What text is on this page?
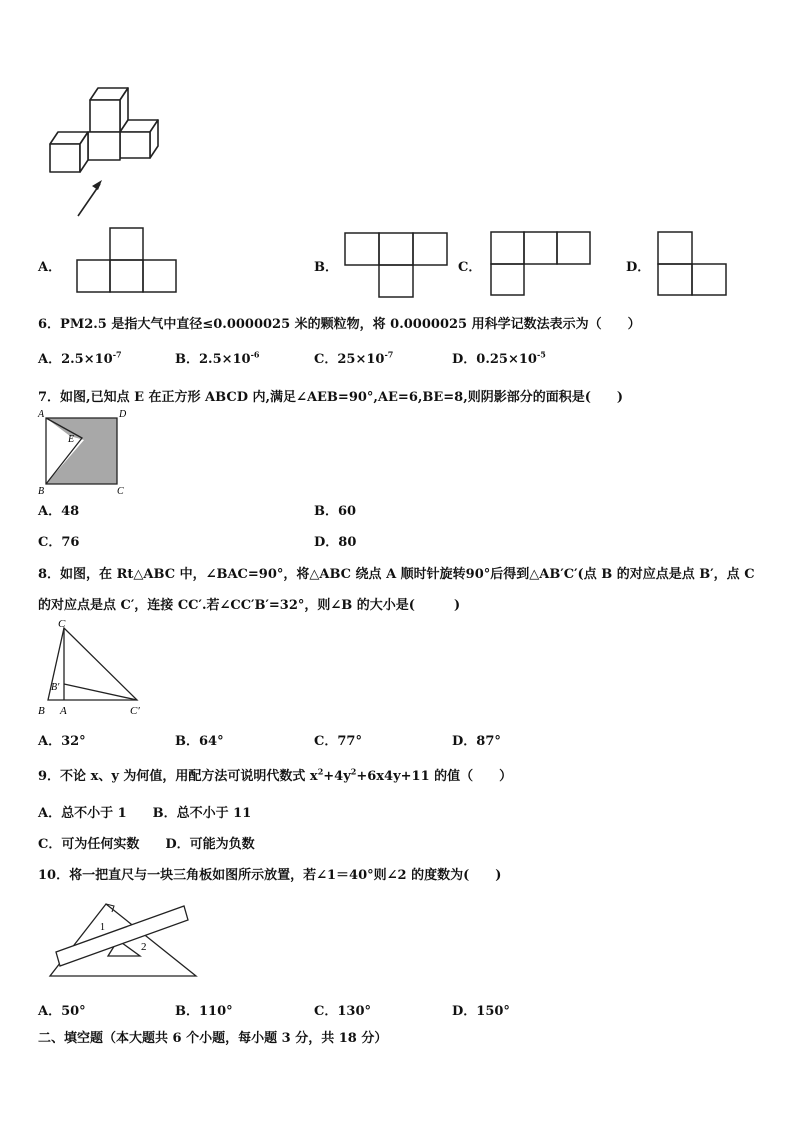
A．	B．	C．	D．
6．PM2.5 是指大气中直径≤0.0000025 米的颗粒物，将 0.0000025 用科学记数法表示为（　　）
A．$2.5\times 10^{-7}$	B．$2.5\times 10^{-6}$	C．$25\times 10^{-7}$	D．$0.25\times 10^{-5}$
7．如图,已知点 E 在正方形 ABCD 内,满足∠AEB=90°,AE=6,BE=8,则阴影部分的面积是(　　)
A	D
E
B	C
A．48	B．60
C．76	D．80
8．如图，在 Rt△ABC 中，∠BAC=90°，将△ABC 绕点 A 顺时针旋转90°后得到△AB′C′(点 B 的对应点是点 B′，点 C
的对应点是点 C′，连接 CC′.若∠CC′B′=32°，则∠B 的大小是(　　　)
C
B′
B A	C′
A．32°	B．64°	C．77°	D．87°
9．不论 x、y 为何值，用配方法可说明代数式 $x^2+4y^2+6x4y+11$ 的值（　　）
A．总不小于 1　　B．总不小于 11
C．可为任何实数　　D．可能为负数
10．将一把直尺与一块三角板如图所示放置，若∠1＝40°则∠2 的度数为(　　)
1
2
A．50°	B．110°	C．130°	D．150°
二、填空题（本大题共 6 个小题，每小题 3 分，共 18 分）
